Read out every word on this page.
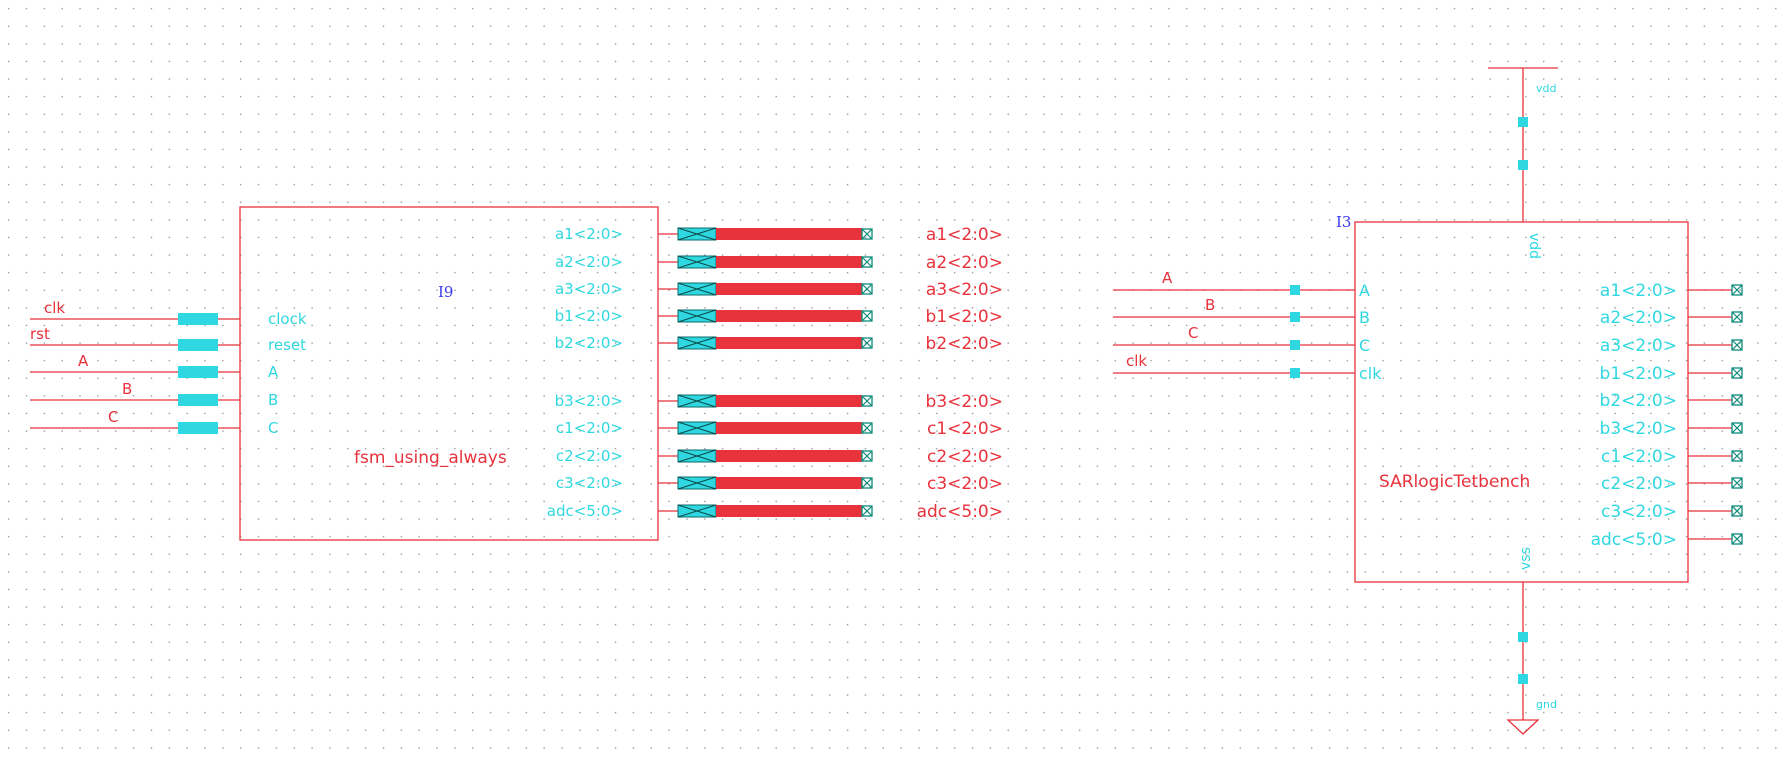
I9
fsm_using_always
clk
clock
rst
reset
A
A
B
B
C
C
a1<2:0>	a1<2:0>
a2<2:0>	a2<2:0>
a3<2:0>	a3<2:0>
b1<2:0>	b1<2:0>
b2<2:0>	b2<2:0>
b3<2:0>	b3<2:0>
c1<2:0>	c1<2:0>
c2<2:0>	c2<2:0>
c3<2:0>	c3<2:0>
adc<5:0>	adc<5:0>
I3
SARlogicTetbench
vdd
vdd
gnd
vss
A
A
B
B
C
C
clk
clk
a1<2:0>
a2<2:0>
a3<2:0>
b1<2:0>
b2<2:0>
b3<2:0>
c1<2:0>
c2<2:0>
c3<2:0>
adc<5:0>
